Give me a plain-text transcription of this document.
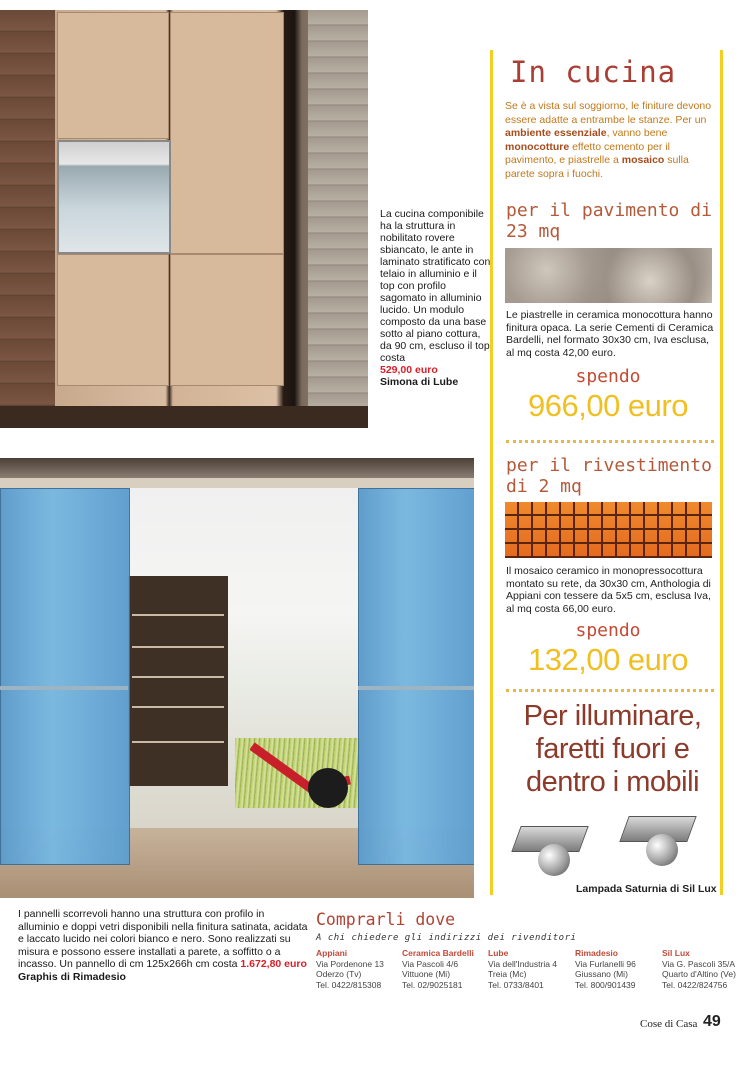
La cucina componibile ha la struttura in nobilitato rovere sbiancato, le ante in laminato stratificato con telaio in alluminio e il top con profilo sagomato in alluminio lucido. Un modulo composto da una base sotto al piano cottura, da 90 cm, escluso il top costa
529,00 euro
Simona di Lube
In cucina
Se è a vista sul soggiorno, le finiture devono essere adatte a entrambe le stanze. Per un ambiente essenziale, vanno bene monocotture effetto cemento per il pavimento, e piastrelle a mosaico sulla parete sopra i fuochi.
per il pavimento di 23 mq
Le piastrelle in ceramica monocottura hanno finitura opaca. La serie Cementi di Ceramica Bardelli, nel formato 30x30 cm, Iva esclusa, al mq costa 42,00 euro.
spendo
966,00 euro
per il rivestimento di 2 mq
Il mosaico ceramico in monopressocottura montato su rete, da 30x30 cm, Anthologia di Appiani con tessere da 5x5 cm, esclusa Iva, al mq costa 66,00 euro.
spendo
132,00 euro
Per illuminare, faretti fuori e dentro i mobili
Lampada Saturnia di Sil Lux
I pannelli scorrevoli hanno una struttura con profilo in alluminio e doppi vetri disponibili nella finitura satinata, acidata e laccato lucido nei colori bianco e nero. Sono realizzati su misura e possono essere installati a parete, a soffitto o a incasso. Un pannello di cm 125x266h cm costa 1.672,80 euro
Graphis di Rimadesio
Comprarli dove
A chi chiedere gli indirizzi dei rivenditori
Appiani
Via Pordenone 13
Oderzo (Tv)
Tel. 0422/815308
Ceramica Bardelli
Via Pascoli 4/6
Vittuone (Mi)
Tel. 02/9025181
Lube
Via dell'Industria 4
Treia (Mc)
Tel. 0733/8401
Rimadesio
Via Furlanelli 96
Giussano (Mi)
Tel. 800/901439
Sil Lux
Via G. Pascoli 35/A
Quarto d'Altino (Ve)
Tel. 0422/824756
Cose di Casa 49
